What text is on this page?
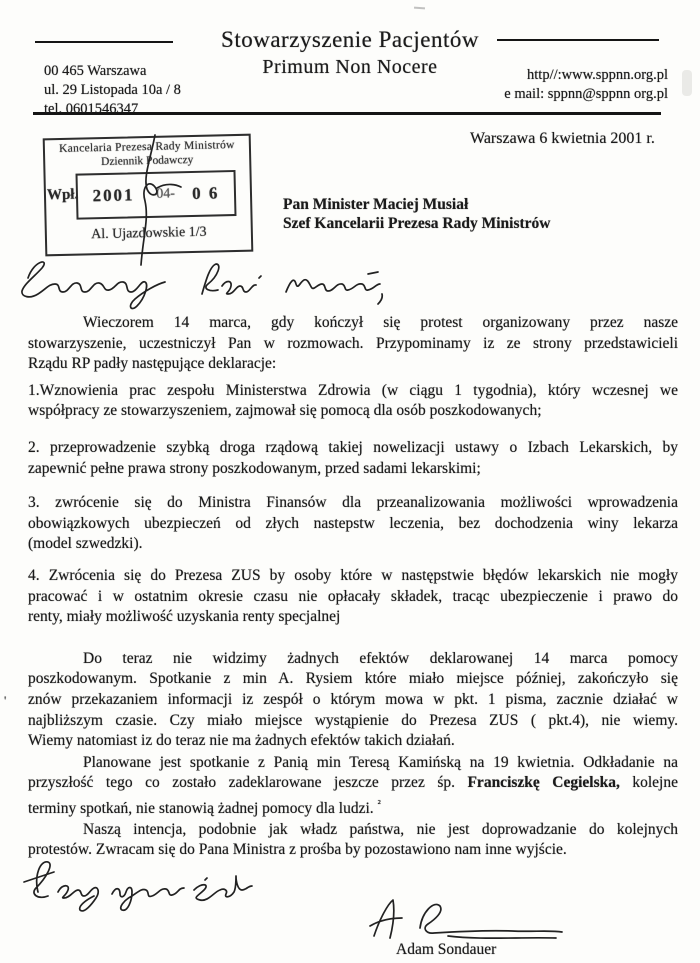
Stowarzyszenie Pacjentów
Primum Non Nocere
00 465 Warszawa
ul. 29 Listopada 10a / 8
tel. 0601546347
http//:www.sppnn.org.pl
e mail: sppnn@sppnn org.pl
Kancelaria Prezesa Rady Ministrów
Dziennik Podawczy
Wpł. 2001 -04- 0 6
Al. Ujazdowskie 1/3
Warszawa 6 kwietnia 2001 r.
Pan Minister Maciej Musiał
Szef Kancelarii Prezesa Rady Ministrów
Wieczorem 14 marca, gdy kończył się protest organizowany przez nasze
stowarzyszenie, uczestniczył Pan w rozmowach. Przypominamy iz ze strony przedstawicieli
Rządu RP padły następujące deklaracje:
1.Wznowienia prac zespołu Ministerstwa Zdrowia (w ciągu 1 tygodnia), który wczesnej we
współpracy ze stowarzyszeniem, zajmował się pomocą dla osób poszkodowanych;
2. przeprowadzenie szybką droga rządową takiej nowelizacji ustawy o Izbach Lekarskich, by
zapewnić pełne prawa strony poszkodowanym, przed sadami lekarskimi;
3. zwrócenie się do Ministra Finansów dla przeanalizowania możliwości wprowadzenia
obowiązkowych ubezpieczeń od złych nastepstw leczenia, bez dochodzenia winy lekarza
(model szwedzki).
4. Zwrócenia się do Prezesa ZUS by osoby które w następstwie błędów lekarskich nie mogły
pracować i w ostatnim okresie czasu nie opłacały składek, tracąc ubezpieczenie i prawo do
renty, miały możliwość uzyskania renty specjalnej
Do teraz nie widzimy żadnych efektów deklarowanej 14 marca pomocy
poszkodowanym. Spotkanie z min A. Rysiem które miało miejsce później, zakończyło się
znów przekazaniem informacji iz zespół o którym mowa w pkt. 1 pisma, zacznie działać w
najbliższym czasie. Czy miało miejsce wystąpienie do Prezesa ZUS ( pkt.4), nie wiemy.
Wiemy natomiast iz do teraz nie ma żadnych efektów takich działań.
Planowane jest spotkanie z Panią min Teresą Kamińską na 19 kwietnia. Odkładanie na
przyszłość tego co zostało zadeklarowane jeszcze przez śp. Franciszkę Cegielska, kolejne
terminy spotkań, nie stanowią żadnej pomocy dla ludzi. $^{^2}$
Naszą intencja, podobnie jak władz państwa, nie jest doprowadzanie do kolejnych
protestów. Zwracam się do Pana Ministra z prośba by pozostawiono nam inne wyjście.
Adam Sondauer
'
